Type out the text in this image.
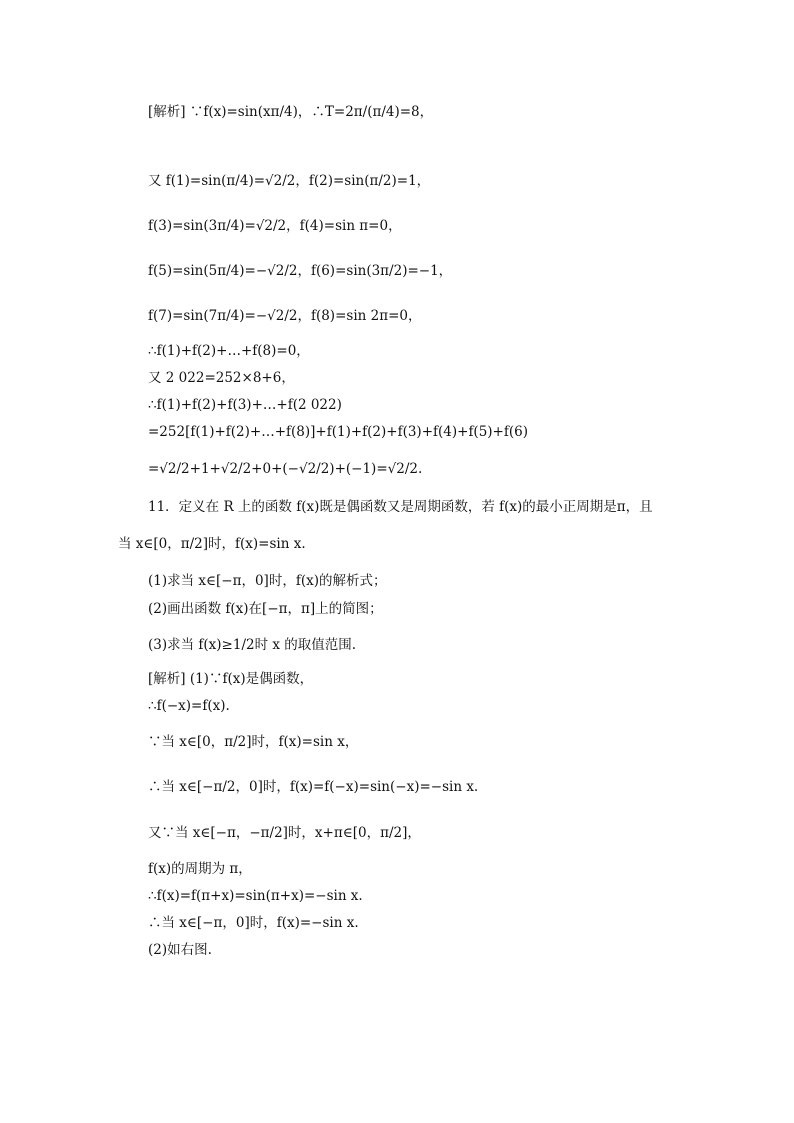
[解析] ∵f(x)=sin(xπ/4)，∴T=2π/(π/4)=8，
又 f(1)=sin(π/4)=√2/2，f(2)=sin(π/2)=1，
f(3)=sin(3π/4)=√2/2，f(4)=sin π=0，
f(5)=sin(5π/4)=−√2/2，f(6)=sin(3π/2)=−1，
f(7)=sin(7π/4)=−√2/2，f(8)=sin 2π=0，
∴f(1)+f(2)+…+f(8)=0，
又 2 022=252×8+6，
∴f(1)+f(2)+f(3)+…+f(2 022)
=252[f(1)+f(2)+…+f(8)]+f(1)+f(2)+f(3)+f(4)+f(5)+f(6)
=√2/2+1+√2/2+0+(−√2/2)+(−1)=√2/2.
11．定义在 R 上的函数 f(x)既是偶函数又是周期函数，若 f(x)的最小正周期是π，且
当 x∈[0，π/2]时，f(x)=sin x.
(1)求当 x∈[−π，0]时，f(x)的解析式；
(2)画出函数 f(x)在[−π，π]上的简图；
(3)求当 f(x)≥1/2时 x 的取值范围.
[解析] (1)∵f(x)是偶函数，
∴f(−x)=f(x).
∵当 x∈[0，π/2]时，f(x)=sin x，
∴当 x∈[−π/2，0]时，f(x)=f(−x)=sin(−x)=−sin x.
又∵当 x∈[−π，−π/2]时，x+π∈[0，π/2]，
f(x)的周期为 π，
∴f(x)=f(π+x)=sin(π+x)=−sin x.
∴当 x∈[−π，0]时，f(x)=−sin x.
(2)如右图.
